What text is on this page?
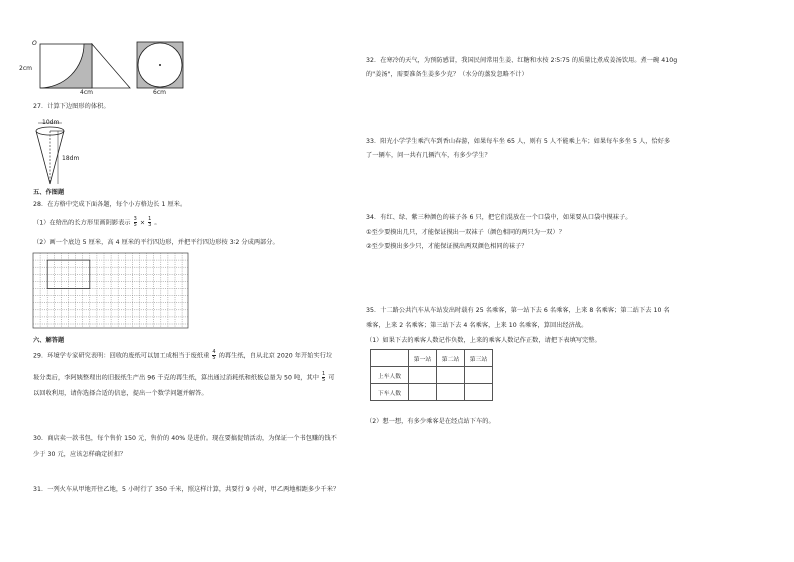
O
2cm
4cm	6cm
27．计算下边图形的体积。
10dm
18dm
五、作图题
28．在方格中完成下面各题，每个小方格边长 1 厘米。
（1）在给出的长方形里画阴影表示 $\frac{3}{5} \times \frac{1}{3}$ 。
（2）画一个底边 5 厘米，高 4 厘米的平行四边形，并把平行四边形按 3∶2 分成两部分。
六、解答题
29．环境学专家研究表明：回收的废纸可以加工成相当于废纸重 $\frac{4}{5}$ 的再生纸，自从北京 2020 年开始实行垃
圾分类后，李阿姨整理出的旧报纸生产出 96 千克的再生纸，算出通过消耗纸和纸板总量为 50 吨，其中 $\frac{1}{5}$ 可
以回收利用，请你选择合适的信息，提出一个数学问题并解答。
30．商店卖一款书包，每个售价 150 元，售价的 40% 是进价。现在要搞促销活动，为保证一个书包赚的钱不
少于 30 元，应该怎样确定折扣？
31．一列火车从甲地开往乙地，5 小时行了 350 千米，照这样计算，共要行 9 小时，甲乙两地相距多少千米？
32．在寒冷的天气，为预防感冒，我国民间常用生姜、红糖和水按 2∶5∶75 的质量比煮成姜汤饮用。煮一碗 410g
的"姜汤"，需要准备生姜多少克？（水分的蒸发忽略不计）
33．阳光小学学生乘汽车到香山春游，如果每车坐 65 人，则有 5 人不能乘上车；如果每车多坐 5 人，恰好多
了一辆车，问一共有几辆汽车，有多少学生？
34．有红、绿、紫三种颜色的袜子各 6 只，把它们混放在一个口袋中，如果要从口袋中摸袜子。
①至少要摸出几只，才能保证摸出一双袜子（颜色相同的两只为一双）？
②至少要摸出多少只，才能保证摸出两双颜色相同的袜子？
35．十二路公共汽车从车站发出时载有 25 名乘客，第一站下去 6 名乘客，上来 8 名乘客；第二站下去 10 名
乘客，上来 2 名乘客；第三站下去 4 名乘客，上来 10 名乘客，算回出经济战。
（1）如果下去的乘客人数记作负数，上来的乘客人数记作正数，请把下表填写完整。
	第一站	第二站	第三站
上车人数			
下车人数			
（2）想一想，有多少乘客是在经点站下车的。
